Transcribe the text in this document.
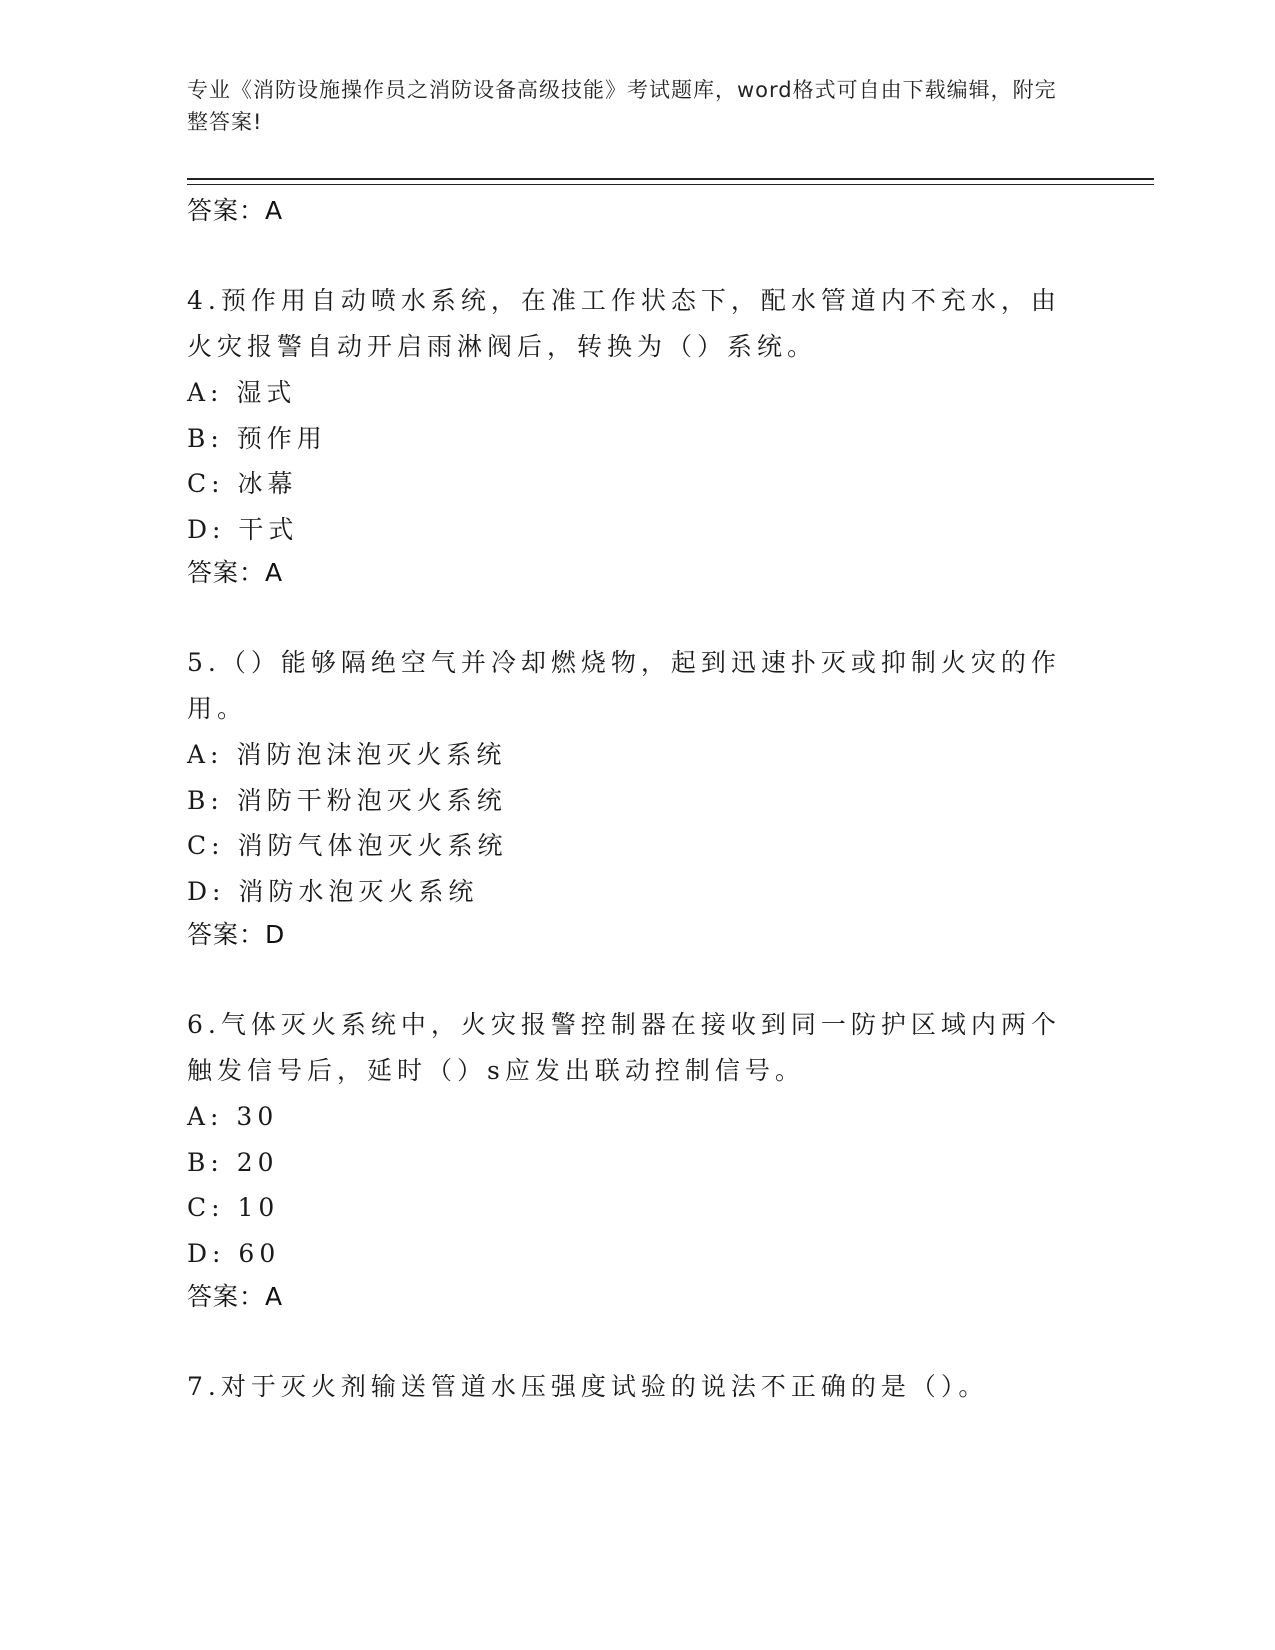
专业《消防设施操作员之消防设备高级技能》考试题库，word格式可自由下载编辑，附完整答案!

答案：A

4.预作用自动喷水系统，在准工作状态下，配水管道内不充水，由火灾报警自动开启雨淋阀后，转换为（）系统。

A: 湿式

B: 预作用

C: 冰幕

D: 干式

答案：A

5.（）能够隔绝空气并冷却燃烧物，起到迅速扑灭或抑制火灾的作用。

A: 消防泡沫泡灭火系统

B: 消防干粉泡灭火系统

C: 消防气体泡灭火系统

D: 消防水泡灭火系统

答案：D

6.气体灭火系统中，火灾报警控制器在接收到同一防护区域内两个触发信号后，延时（）s应发出联动控制信号。

A: 30

B: 20

C: 10

D: 60

答案：A

7.对于灭火剂输送管道水压强度试验的说法不正确的是（）。
